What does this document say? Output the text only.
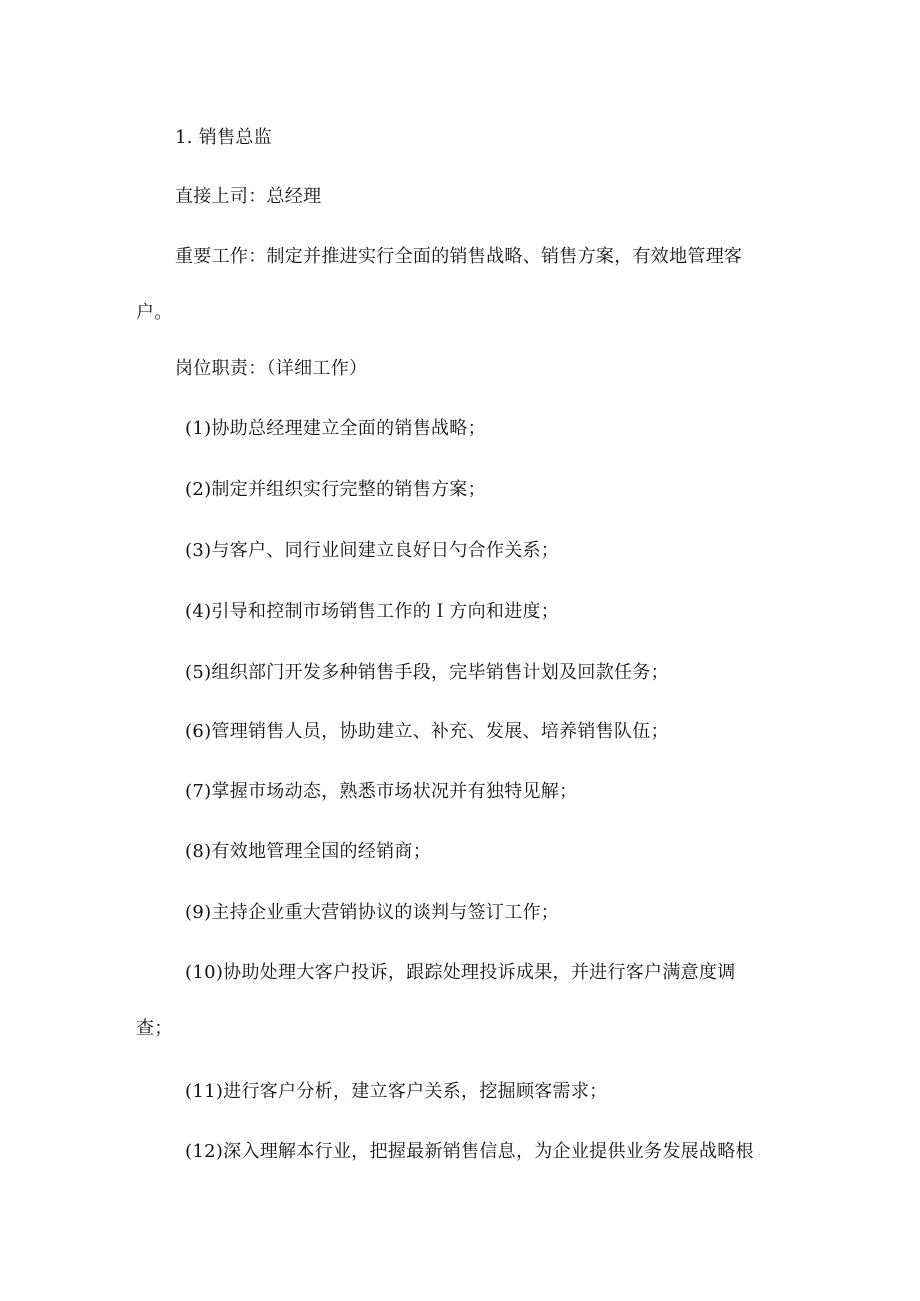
1. 销售总监
直接上司：总经理
重要工作：制定并推进实行全面的销售战略、销售方案，有效地管理客
户。
岗位职责：（详细工作）
(1)协助总经理建立全面的销售战略；
(2)制定并组织实行完整的销售方案；
(3)与客户、同行业间建立良好日勺合作关系；
(4)引导和控制市场销售工作的Ｉ方向和进度；
(5)组织部门开发多种销售手段，完毕销售计划及回款任务；
(6)管理销售人员，协助建立、补充、发展、培养销售队伍；
(7)掌握市场动态，熟悉市场状况并有独特见解；
(8)有效地管理全国的经销商；
(9)主持企业重大营销协议的谈判与签订工作；
(10)协助处理大客户投诉，跟踪处理投诉成果，并进行客户满意度调
查；
(11)进行客户分析，建立客户关系，挖掘顾客需求；
(12)深入理解本行业，把握最新销售信息，为企业提供业务发展战略根
